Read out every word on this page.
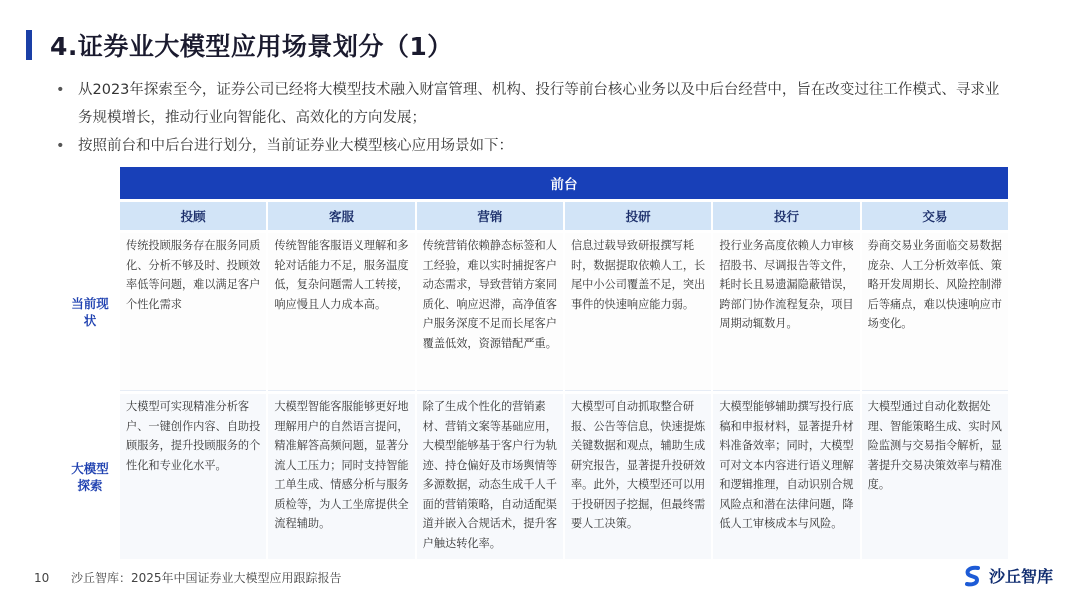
4.证券业大模型应用场景划分（1）
• 从2023年探索至今，证券公司已经将大模型技术融入财富管理、机构、投行等前台核心业务以及中后台经营中，旨在改变过往工作模式、寻求业务规模增长，推动行业向智能化、高效化的方向发展；
• 按照前台和中后台进行划分，当前证券业大模型核心应用场景如下：
	前台					
	投顾	客服	营销	投研	投行	交易
当前现状	传统投顾服务存在服务同质化、分析不够及时、投顾效率低等问题，难以满足客户个性化需求	传统智能客服语义理解和多轮对话能力不足，服务温度低，复杂问题需人工转接，响应慢且人力成本高。	传统营销依赖静态标签和人工经验，难以实时捕捉客户动态需求，导致营销方案同质化、响应迟滞，高净值客户服务深度不足而长尾客户覆盖低效，资源错配严重。	信息过载导致研报撰写耗时，数据提取依赖人工，长尾中小公司覆盖不足，突出事件的快速响应能力弱。	投行业务高度依赖人力审核招股书、尽调报告等文件，耗时长且易遗漏隐蔽错误，跨部门协作流程复杂，项目周期动辄数月。	券商交易业务面临交易数据庞杂、人工分析效率低、策略开发周期长、风险控制滞后等痛点，难以快速响应市场变化。
大模型探索	大模型可实现精准分析客户、一键创作内容、自助投顾服务，提升投顾服务的个性化和专业化水平。	大模型智能客服能够更好地理解用户的自然语言提问，精准解答高频问题，显著分流人工压力；同时支持智能工单生成、情感分析与服务质检等，为人工坐席提供全流程辅助。	除了生成个性化的营销素材、营销文案等基础应用，大模型能够基于客户行为轨迹、持仓偏好及市场舆情等多源数据，动态生成千人千面的营销策略，自动适配渠道并嵌入合规话术，提升客户触达转化率。	大模型可自动抓取整合研报、公告等信息，快速提炼关键数据和观点，辅助生成研究报告，显著提升投研效率。此外，大模型还可以用于投研因子挖掘，但最终需要人工决策。	大模型能够辅助撰写投行底稿和申报材料，显著提升材料准备效率；同时，大模型可对文本内容进行语义理解和逻辑推理，自动识别合规风险点和潜在法律问题，降低人工审核成本与风险。	大模型通过自动化数据处理、智能策略生成、实时风险监测与交易指令解析，显著提升交易决策效率与精准度。
10 沙丘智库：2025年中国证券业大模型应用跟踪报告	沙丘智库
